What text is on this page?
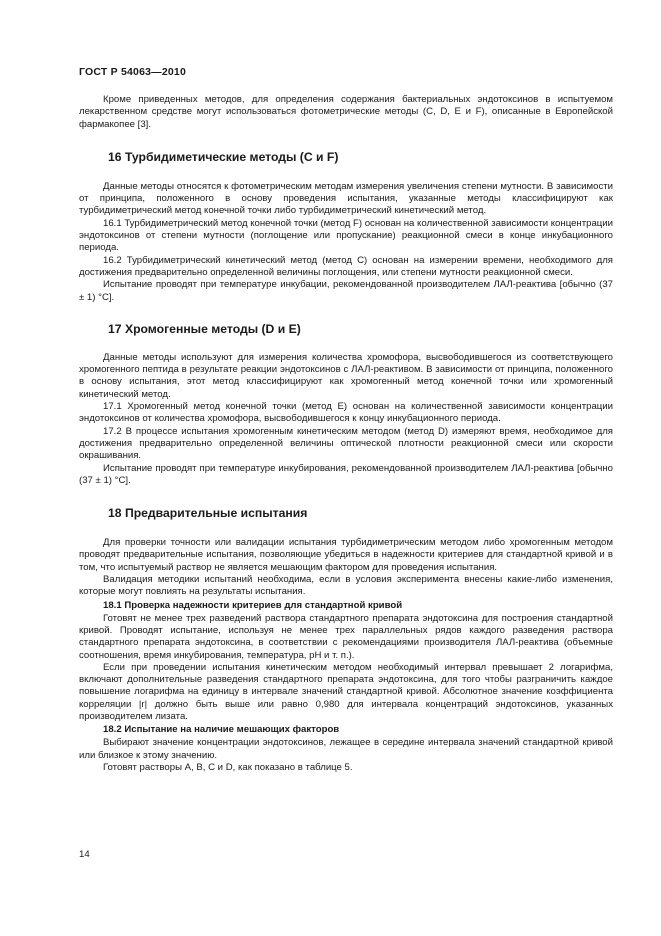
ГОСТ Р 54063—2010

Кроме приведенных методов, для определения содержания бактериальных эндотоксинов в испытуемом лекарственном средстве могут использоваться фотометрические методы (C, D, E и F), описанные в Европейской фармакопее [3].

16 Турбидиметические методы (C и F)

Данные методы относятся к фотометрическим методам измерения увеличения степени мутности. В зависимости от принципа, положенного в основу проведения испытания, указанные методы классифицируют как турбидиметрический метод конечной точки либо турбидиметрический кинетический метод.

16.1 Турбидиметрический метод конечной точки (метод F) основан на количественной зависимости концентрации эндотоксинов от степени мутности (поглощение или пропускание) реакционной смеси в конце инкубационного периода.

16.2 Турбидиметрический кинетический метод (метод C) основан на измерении времени, необходимого для достижения предварительно определенной величины поглощения, или степени мутности реакционной смеси.

Испытание проводят при температуре инкубации, рекомендованной производителем ЛАЛ-реактива [обычно (37 ± 1) °C].

17 Хромогенные методы (D и E)

Данные методы используют для измерения количества хромофора, высвободившегося из соответствующего хромогенного пептида в результате реакции эндотоксинов с ЛАЛ-реактивом. В зависимости от принципа, положенного в основу испытания, этот метод классифицируют как хромогенный метод конечной точки или хромогенный кинетический метод.

17.1 Хромогенный метод конечной точки (метод E) основан на количественной зависимости концентрации эндотоксинов от количества хромофора, высвободившегося к концу инкубационного периода.

17.2 В процессе испытания хромогенным кинетическим методом (метод D) измеряют время, необходимое для достижения предварительно определенной величины оптической плотности реакционной смеси или скорости окрашивания.

Испытание проводят при температуре инкубирования, рекомендованной производителем ЛАЛ-реактива [обычно (37 ± 1) °C].

18 Предварительные испытания

Для проверки точности или валидации испытания турбидиметрическим методом либо хромогенным методом проводят предварительные испытания, позволяющие убедиться в надежности критериев для стандартной кривой и в том, что испытуемый раствор не является мешающим фактором для проведения испытания.

Валидация методики испытаний необходима, если в условия эксперимента внесены какие-либо изменения, которые могут повлиять на результаты испытания.

18.1 Проверка надежности критериев для стандартной кривой

Готовят не менее трех разведений раствора стандартного препарата эндотоксина для построения стандартной кривой. Проводят испытание, используя не менее трех параллельных рядов каждого разведения раствора стандартного препарата эндотоксина, в соответствии с рекомендациями производителя ЛАЛ-реактива (объемные соотношения, время инкубирования, температура, pH и т. п.).

Если при проведении испытания кинетическим методом необходимый интервал превышает 2 логарифма, включают дополнительные разведения стандартного препарата эндотоксина, для того чтобы разграничить каждое повышение логарифма на единицу в интервале значений стандартной кривой. Абсолютное значение коэффициента корреляции |r| должно быть выше или равно 0,980 для интервала концентраций эндотоксинов, указанных производителем лизата.

18.2 Испытание на наличие мешающих факторов

Выбирают значение концентрации эндотоксинов, лежащее в середине интервала значений стандартной кривой или близкое к этому значению.

Готовят растворы A, B, C и D, как показано в таблице 5.

14
